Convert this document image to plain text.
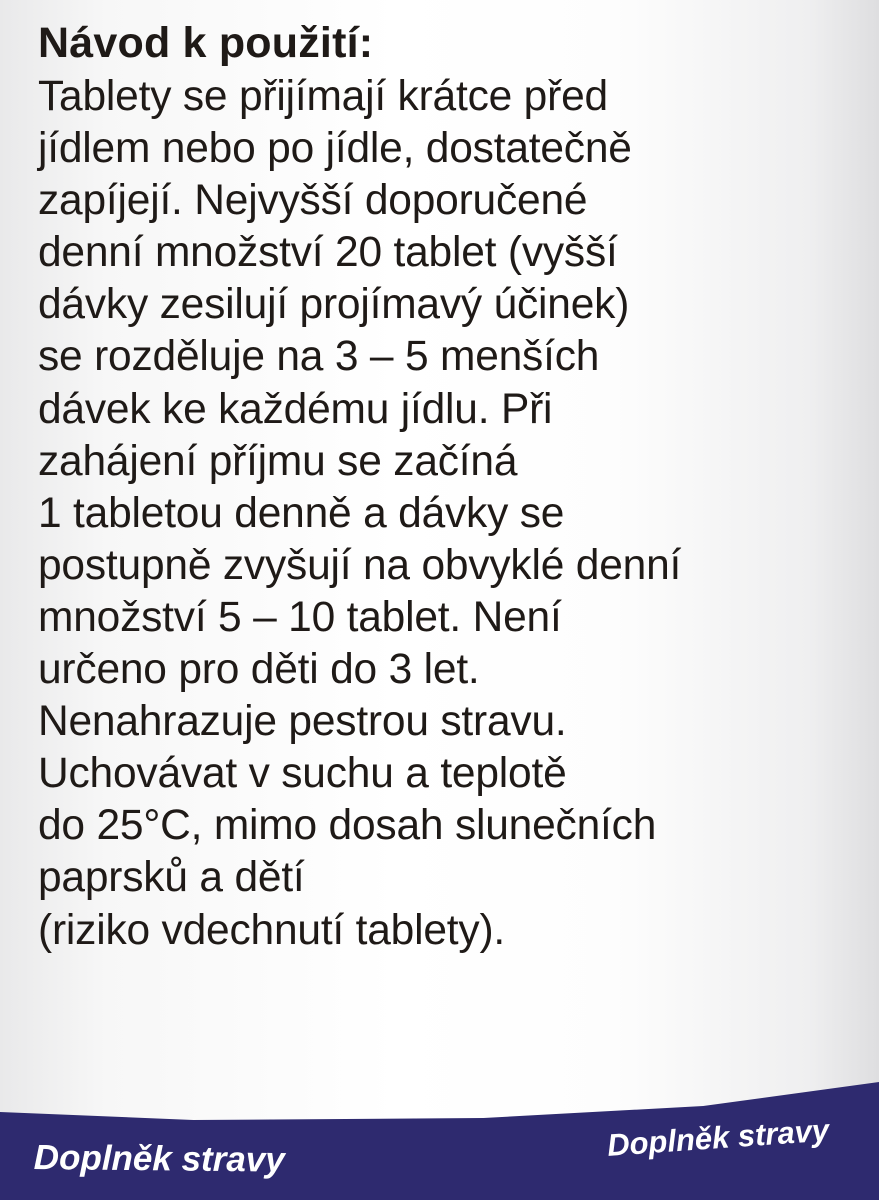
Návod k použití:
Tablety se přijímají krátce před
jídlem nebo po jídle, dostatečně
zapíjejí. Nejvyšší doporučené
denní množství 20 tablet (vyšší
dávky zesilují projímavý účinek)
se rozděluje na 3 – 5 menších
dávek ke každému jídlu. Při
zahájení příjmu se začíná
1 tabletou denně a dávky se
postupně zvyšují na obvyklé denní
množství 5 – 10 tablet. Není
určeno pro děti do 3 let.
Nenahrazuje pestrou stravu.
Uchovávat v suchu a teplotě
do 25°C, mimo dosah slunečních
paprsků a dětí
(riziko vdechnutí tablety).
Doplněk stravy	Doplněk stravy
